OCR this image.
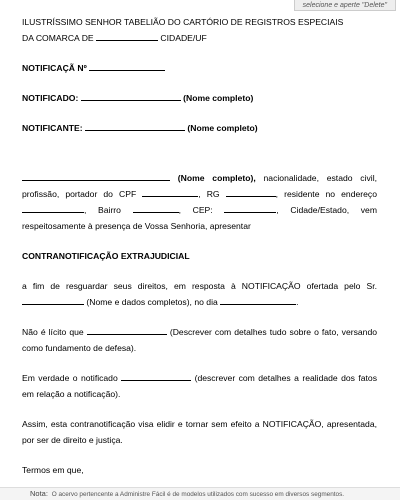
selecione e aperte "Delete"

ILUSTRÍSSIMO SENHOR TABELIÃO DO CARTÓRIO DE REGISTROS ESPECIAIS
DA COMARCA DE	CIDADE/UF

NOTIFICAÇÃ Nº

NOTIFICADO:	(Nome completo)

NOTIFICANTE:	(Nome completo)

(Nome completo), nacionalidade, estado civil, profissão, portador do CPF	, RG	, residente no endereço , Bairro	, CEP:	, Cidade/Estado, vem respeitosamente à presença de Vossa Senhoria, apresentar

CONTRANOTIFICAÇÃO EXTRAJUDICIAL

a fim de resguardar seus direitos, em resposta à NOTIFICAÇÃO ofertada pelo Sr.  (Nome e dados completos), no dia	.

Não é lícito que	(Descrever com detalhes tudo sobre o fato, versando como fundamento de defesa).

Em verdade o notificado	(descrever com detalhes a realidade dos fatos em relação a notificação).

Assim, esta contranotificação visa elidir e tornar sem efeito a NOTIFICAÇÃO, apresentada, por ser de direito e justiça.

Termos em que,

Nota: O acervo pertencente a Administre Fácil é de modelos utilizados com sucesso em diversos segmentos.
